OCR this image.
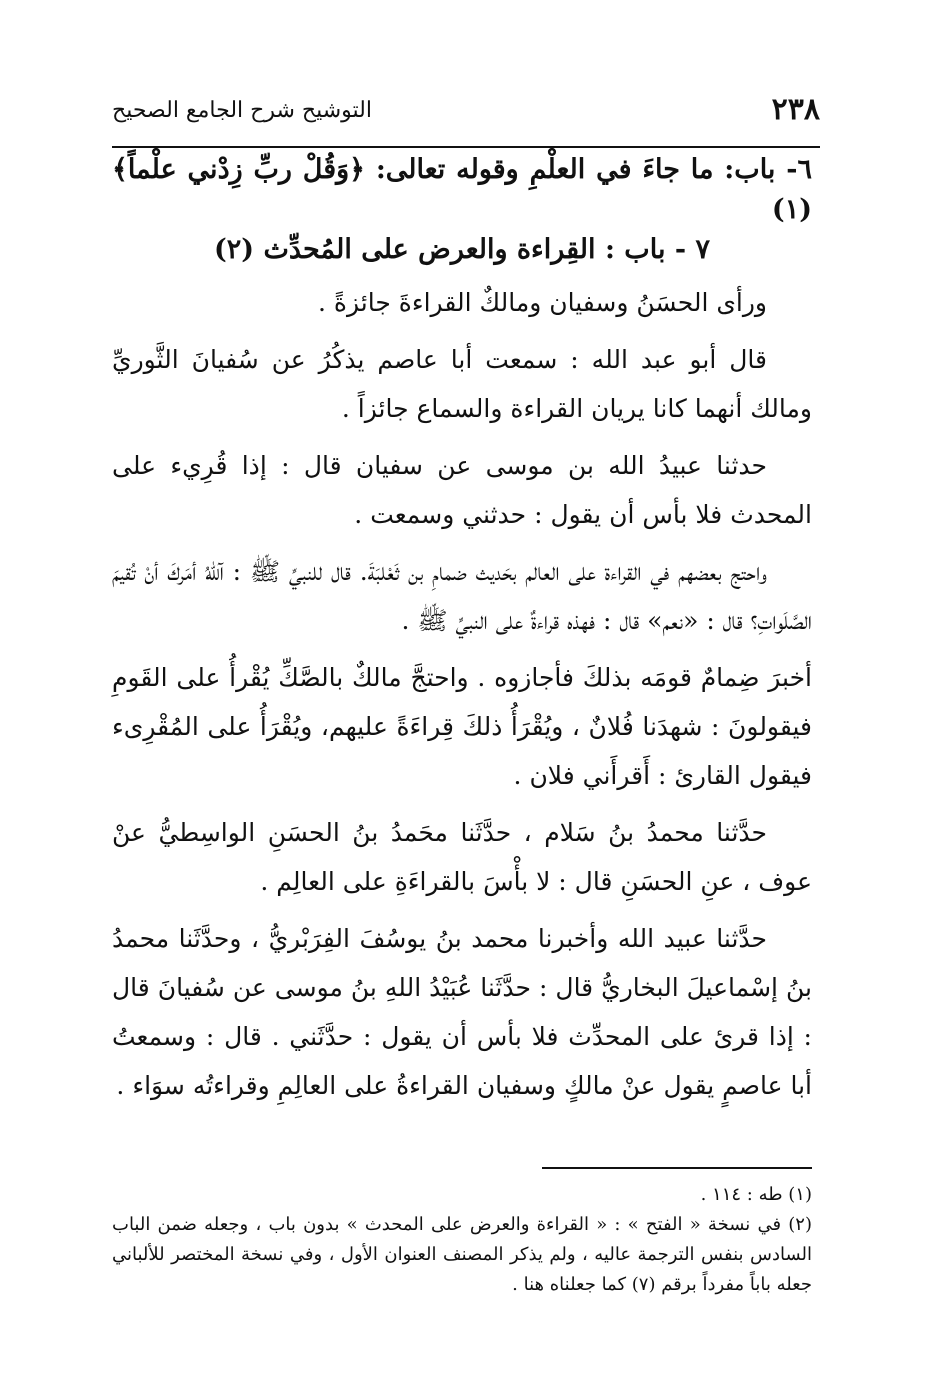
٢٣٨
التوشيح شرح الجامع الصحيح

٦- باب: ما جاءَ في العلْمِ وقوله تعالى: ﴿وَقُلْ ربِّ زِدْني علْماً﴾(١)

٧ - باب : القِراءة والعرض على المُحدِّث (٢)

ورأى الحسَنُ وسفيان ومالكٌ القراءةَ جائزةً .

قال أبو عبد الله : سمعت أبا عاصم يذكُرُ عن سُفيانَ الثَّوريِّ ومالك أنهما كانا يريان القراءة والسماع جائزاً .

حدثنا عبيدُ الله بن موسى عن سفيان قال : إذا قُرِيء على المحدث فلا بأس أن يقول : حدثني وسمعت .

واحتج بعضهم في القراءة على العالم بحَديث ضمامِ بن ثَعْلبَةَ. قال للنبيِّ ﷺ : آللهُ أمَركَ أنْ تُقيمَ الصَّلَواتِ؟ قال : «نعم» قال : فهذه قراءةٌ على النبيِّ ﷺ .

أخبرَ ضِمامٌ قومَه بذلكَ فأجازوه . واحتجَّ مالكٌ بالصَّكِّ يُقْرأُ على القَومِ فيقولونَ : شهدَنا فُلانٌ ، ويُقْرَأُ ذلكَ قِراءَةً عليهم، ويُقْرَأُ على المُقْرِىء فيقول القارئ : أَقرأَني فلان .

حدَّثنا محمدُ بنُ سَلام ، حدَّثَنا محَمدُ بنُ الحسَنِ الواسِطيُّ عنْ عوف ، عنِ الحسَنِ قال : لا بأْسَ بالقراءَةِ على العالِم .

حدَّثنا عبيد الله وأخبرنا محمد بنُ يوسُفَ الفِرَبْريُّ ، وحدَّثَنا محمدُ بنُ إسْماعيلَ البخاريُّ قال : حدَّثَنا عُبَيْدُ اللهِ بنُ موسى عن سُفيانَ قال : إذا قرئ على المحدِّث فلا بأس أن يقول : حدَّثَني . قال : وسمعتُ أبا عاصمٍ يقول عنْ مالكٍ وسفيان القراءةُ على العالِمِ وقراءتُه سوَاء .

(١) طه : ١١٤ .

(٢) في نسخة « الفتح » : « القراءة والعرض على المحدث » بدون باب ، وجعله ضمن الباب السادس بنفس الترجمة عاليه ، ولم يذكر المصنف العنوان الأول ، وفي نسخة المختصر للألباني جعله باباً مفرداً برقم (٧) كما جعلناه هنا .
